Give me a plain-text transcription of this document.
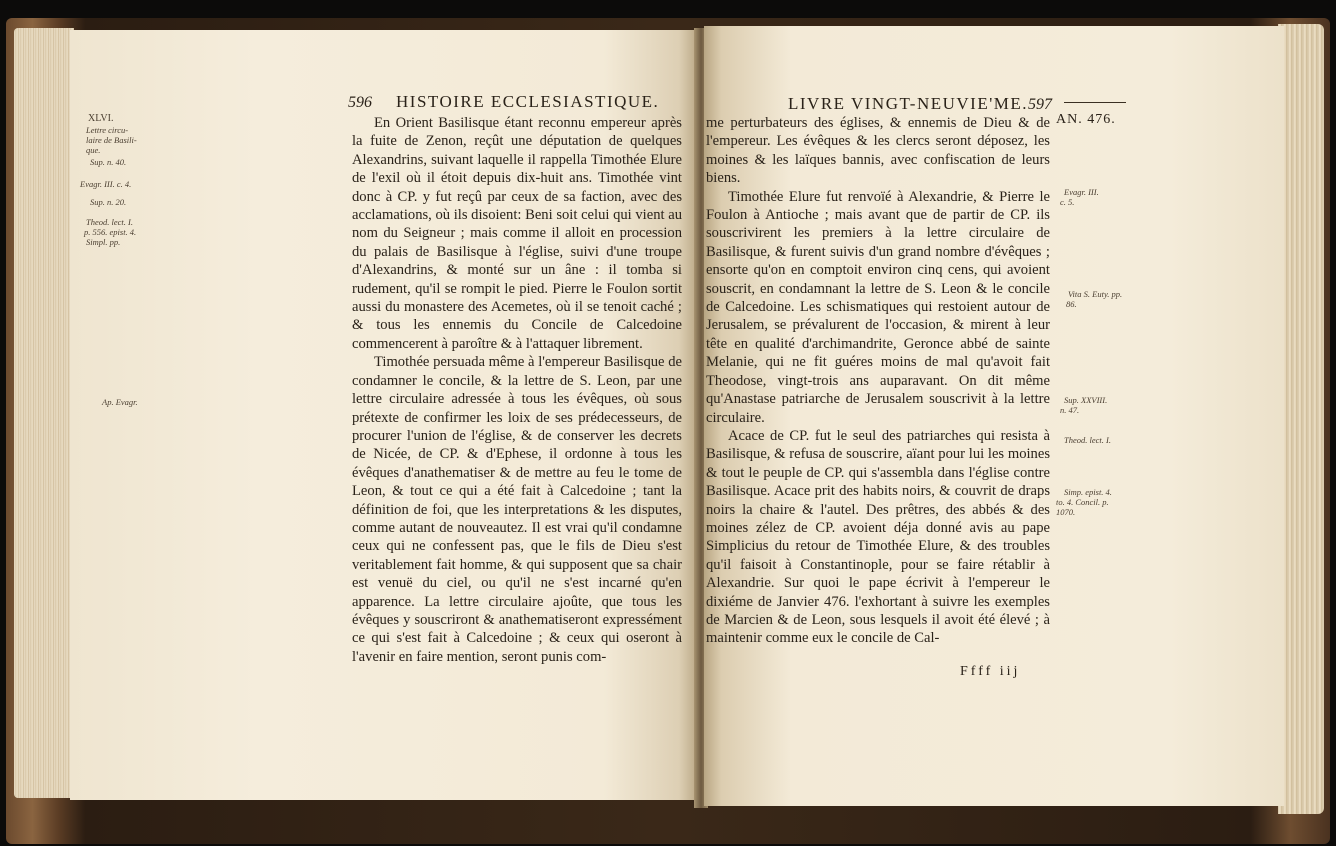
596 HISTOIRE ECCLESIASTIQUE.
XLVI.
Lettre circu-
laire de Basili-
que.
Sup. n. 40.
Evagr. III. c. 4.
Sup. n. 20.
Theod. lect. I.
p. 556. epist. 4.
Simpl. pp.
Ap. Evagr.

En Orient Basilisque étant reconnu empereur après la fuite de Zenon, reçût une députation de quelques Alexandrins, suivant laquelle il rappella Timothée Elure de l'exil où il étoit depuis dix-huit ans. Timothée vint donc à CP. y fut reçû par ceux de sa faction, avec des acclamations, où ils disoient: Beni soit celui qui vient au nom du Seigneur ; mais comme il alloit en procession du palais de Basilisque à l'église, suivi d'une troupe d'Alexandrins, & monté sur un âne : il tomba si rudement, qu'il se rompit le pied. Pierre le Foulon sortit aussi du monastere des Acemetes, où il se tenoit caché ; & tous les ennemis du Concile de Calcedoine commencerent à paroître & à l'attaquer librement.

Timothée persuada même à l'empereur Basilisque de condamner le concile, & la lettre de S. Leon, par une lettre circulaire adressée à tous les évêques, où sous prétexte de confirmer les loix de ses prédecesseurs, de procurer l'union de l'église, & de conserver les decrets de Nicée, de CP. & d'Ephese, il ordonne à tous les évêques d'anathematiser & de mettre au feu le tome de Leon, & tout ce qui a été fait à Calcedoine ; tant la définition de foi, que les interpretations & les disputes, comme autant de nouveautez. Il est vrai qu'il condamne ceux qui ne confessent pas, que le fils de Dieu s'est veritablement fait homme, & qui supposent que sa chair est venuë du ciel, ou qu'il ne s'est incarné qu'en apparence. La lettre circulaire ajoûte, que tous les évêques y souscriront & anathematiseront expressément ce qui s'est fait à Calcedoine ; & ceux qui oseront à l'avenir en faire mention, seront punis com-

LIVRE VINGT-NEUVIE'ME. 597
AN. 476.

me perturbateurs des églises, & ennemis de Dieu & de l'empereur. Les évêques & les clercs seront déposez, les moines & les laïques bannis, avec confiscation de leurs biens.

Timothée Elure fut renvoïé à Alexandrie, & Pierre le Foulon à Antioche ; mais avant que de partir de CP. ils souscrivirent les premiers à la lettre circulaire de Basilisque, & furent suivis d'un grand nombre d'évêques ; ensorte qu'on en comptoit environ cinq cens, qui avoient souscrit, en condamnant la lettre de S. Leon & le concile de Calcedoine. Les schismatiques qui restoient autour de Jerusalem, se prévalurent de l'occasion, & mirent à leur tête en qualité d'archimandrite, Geronce abbé de sainte Melanie, qui ne fit guéres moins de mal qu'avoit fait Theodose, vingt-trois ans auparavant. On dit même qu'Anastase patriarche de Jerusalem souscrivit à la lettre circulaire.

Acace de CP. fut le seul des patriarches qui resista à Basilisque, & refusa de souscrire, aïant pour lui les moines & tout le peuple de CP. qui s'assembla dans l'église contre Basilisque. Acace prit des habits noirs, & couvrit de draps noirs la chaire & l'autel. Des prêtres, des abbés & des moines zélez de CP. avoient déja donné avis au pape Simplicius du retour de Timothée Elure, & des troubles qu'il faisoit à Constantinople, pour se faire rétablir à Alexandrie. Sur quoi le pape écrivit à l'empereur le dixiéme de Janvier 476. l'exhortant à suivre les exemples de Marcien & de Leon, sous lesquels il avoit été élevé ; à maintenir comme eux le concile de Cal-

Evagr. III.
c. 5.
Vita S. Euty. pp.
86.
Sup. XXVIII.
n. 47.
Theod. lect. I.
Simp. epist. 4.
to. 4. Concil. p.
1070.
Ffff iij
